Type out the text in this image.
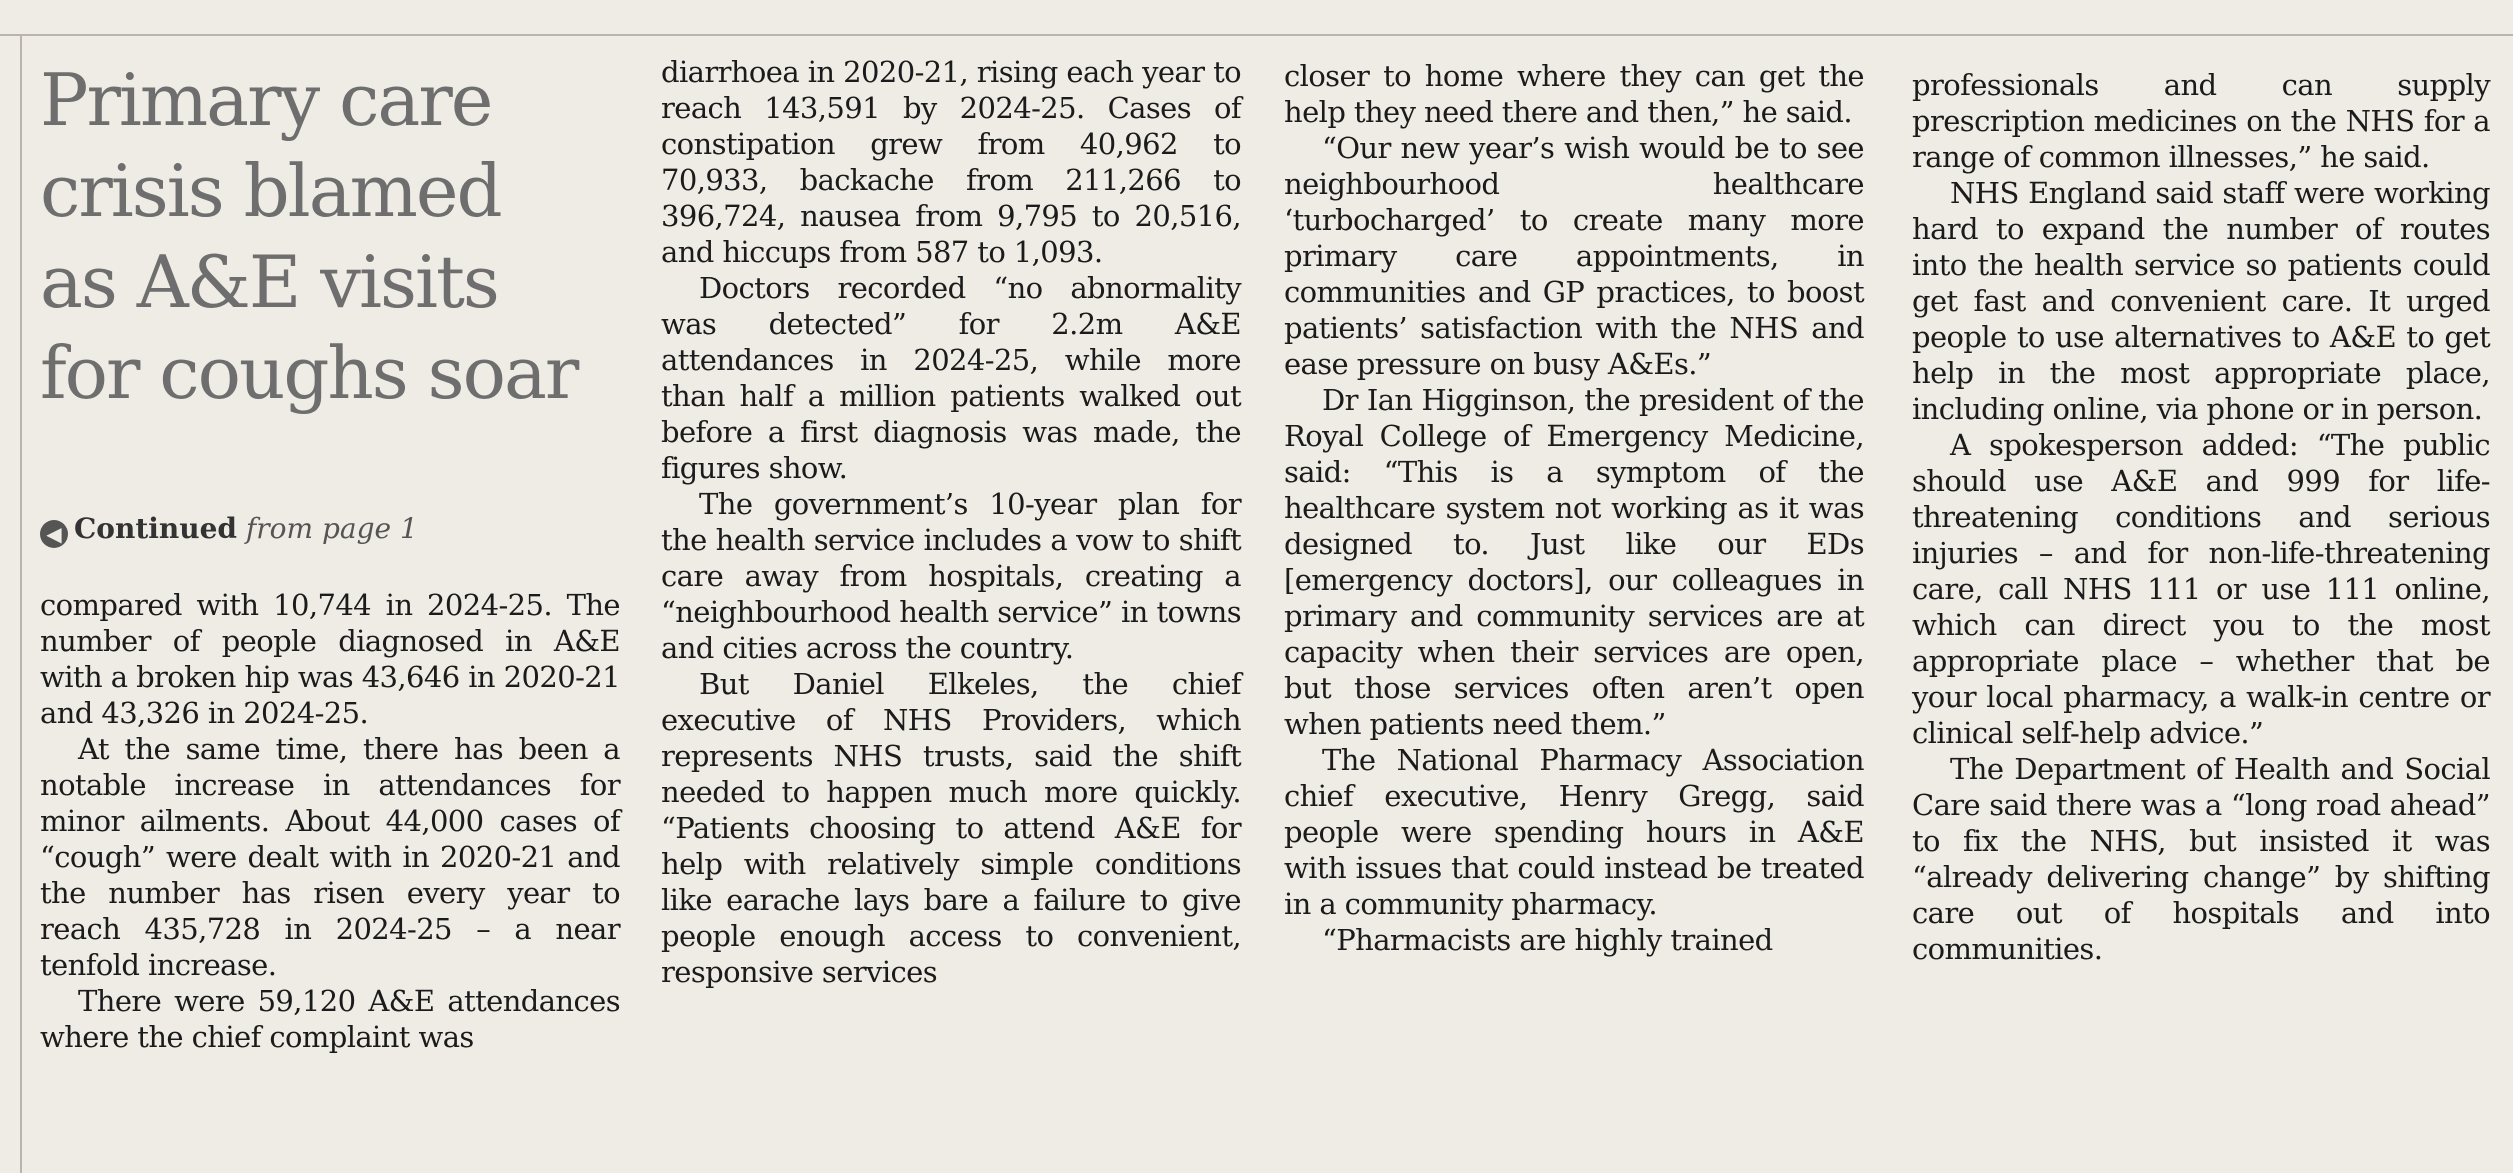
Primary care
crisis blamed
as A&E visits
for coughs soar
◀ Continued from page 1

compared with 10,744 in 2024-25. The number of people diagnosed in A&E with a broken hip was 43,646 in 2020-21 and 43,326 in 2024-25.

At the same time, there has been a notable increase in attendances for minor ailments. About 44,000 cases of “cough” were dealt with in 2020-21 and the number has risen every year to reach 435,728 in 2024-25 – a near tenfold increase.

There were 59,120 A&E attendances where the chief complaint was

diarrhoea in 2020-21, rising each year to reach 143,591 by 2024-25. Cases of constipation grew from 40,962 to 70,933, backache from 211,266 to 396,724, nausea from 9,795 to 20,516, and hiccups from 587 to 1,093.

Doctors recorded “no abnormality was detected” for 2.2m A&E attendances in 2024-25, while more than half a million patients walked out before a first diagnosis was made, the figures show.

The government’s 10-year plan for the health service includes a vow to shift care away from hospitals, creating a “neighbourhood health service” in towns and cities across the country.

But Daniel Elkeles, the chief executive of NHS Providers, which represents NHS trusts, said the shift needed to happen much more quickly. “Patients choosing to attend A&E for help with relatively simple conditions like earache lays bare a failure to give people enough access to convenient, responsive services

closer to home where they can get the help they need there and then,” he said.

“Our new year’s wish would be to see neighbourhood healthcare ‘turbocharged’ to create many more primary care appointments, in communities and GP practices, to boost patients’ satisfaction with the NHS and ease pressure on busy A&Es.”

Dr Ian Higginson, the president of the Royal College of Emergency Medicine, said: “This is a symptom of the healthcare system not working as it was designed to. Just like our EDs [emergency doctors], our colleagues in primary and community services are at capacity when their services are open, but those services often aren’t open when patients need them.”

The National Pharmacy Association chief executive, Henry Gregg, said people were spending hours in A&E with issues that could instead be treated in a community pharmacy.

“Pharmacists are highly trained

professionals and can supply prescription medicines on the NHS for a range of common illnesses,” he said.

NHS England said staff were working hard to expand the number of routes into the health service so patients could get fast and convenient care. It urged people to use alternatives to A&E to get help in the most appropriate place, including online, via phone or in person.

A spokesperson added: “The public should use A&E and 999 for life-threatening conditions and serious injuries – and for non-life-threatening care, call NHS 111 or use 111 online, which can direct you to the most appropriate place – whether that be your local pharmacy, a walk-in centre or clinical self-help advice.”

The Department of Health and Social Care said there was a “long road ahead” to fix the NHS, but insisted it was “already delivering change” by shifting care out of hospitals and into communities.
